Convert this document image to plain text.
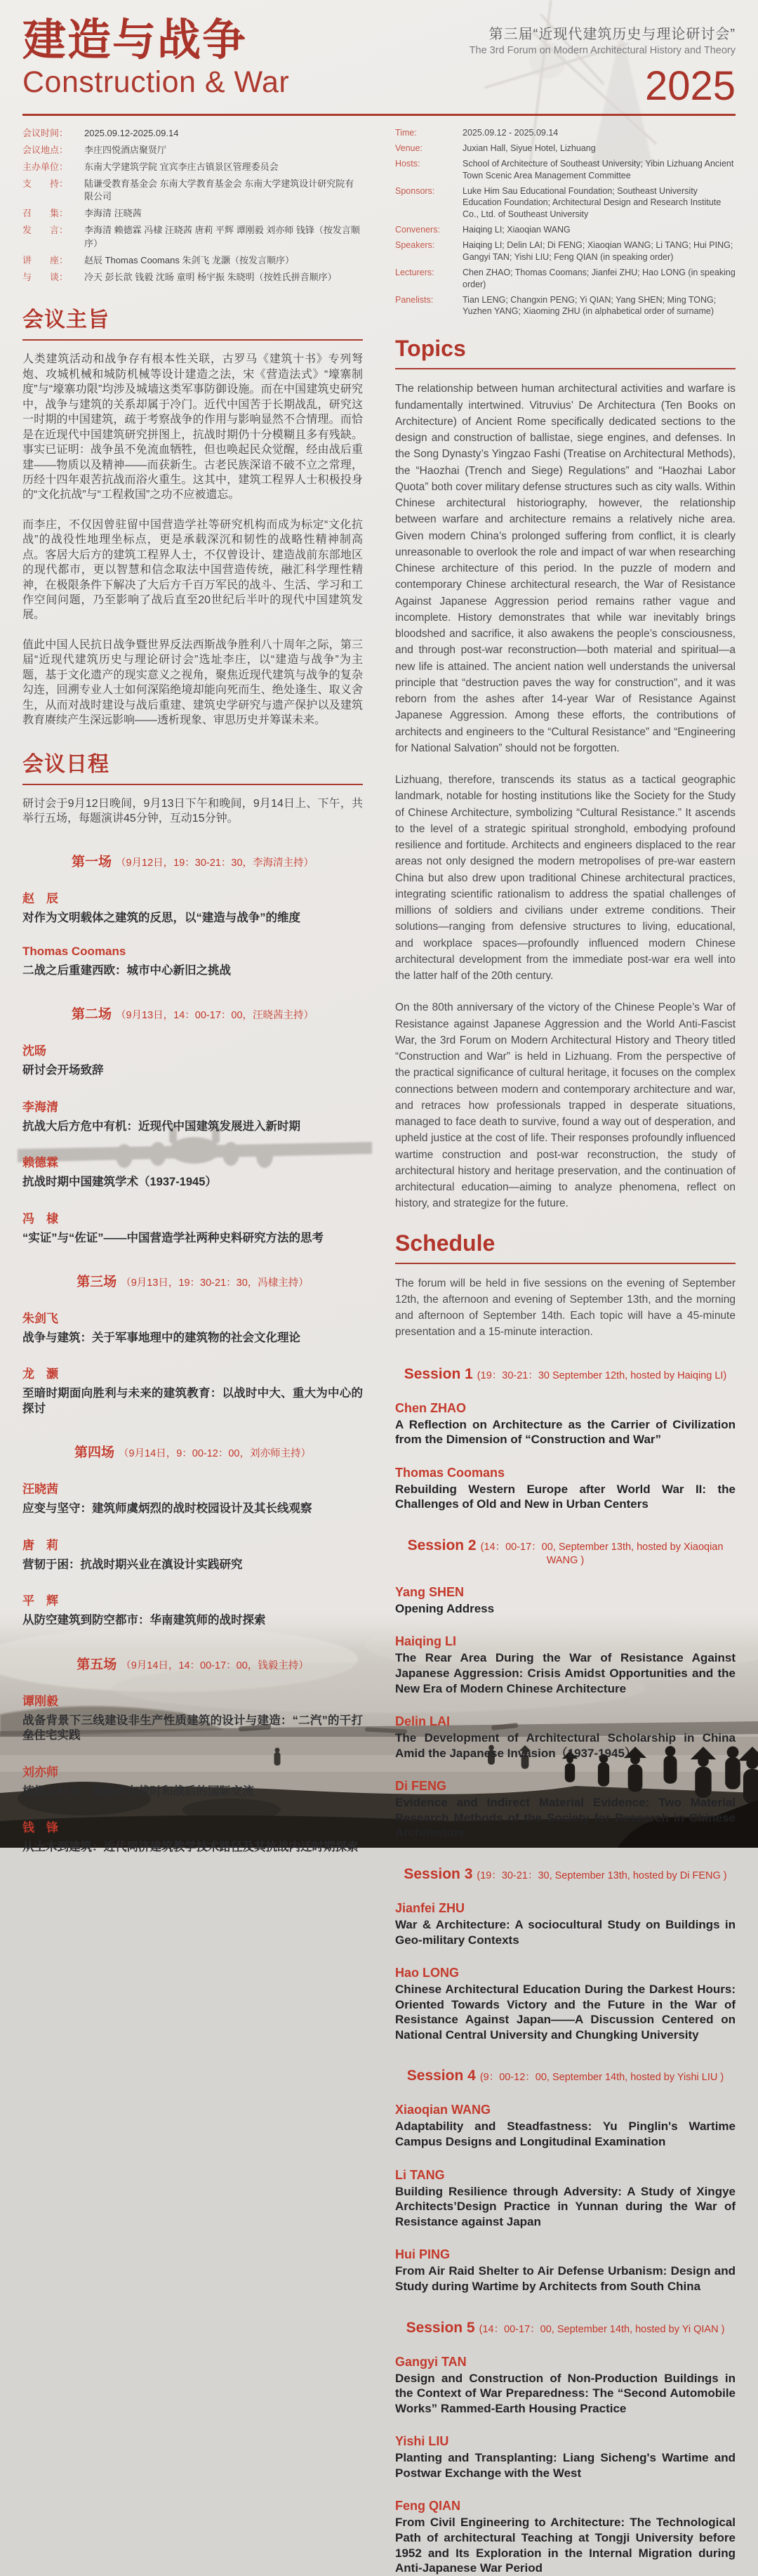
建造与战争
Construction & War
第三届“近现代建筑历史与理论研讨会”
The 3rd Forum on Modern Architectural History and Theory
2025
会议时间：	2025.09.12-2025.09.14
会议地点：	李庄四悦酒店聚贤厅
主办单位：	东南大学建筑学院 宜宾李庄古镇景区管理委员会
支　　持：	陆谦受教育基金会 东南大学教育基金会 东南大学建筑设计研究院有限公司
召　　集：	李海清 汪晓茜
发　　言：	李海清 赖德霖 冯棣 汪晓茜 唐莉 平辉 谭刚毅 刘亦师 钱锋（按发言顺序）
讲　　座：	赵辰 Thomas Coomans 朱剑飞 龙灏（按发言顺序）
与　　谈：	冷天 彭长歆 钱毅 沈旸 童明 杨宇振 朱晓明（按姓氏拼音顺序）
会议主旨

人类建筑活动和战争存有根本性关联，古罗马《建筑十书》专列弩炮、攻城机械和城防机械等设计建造之法，宋《营造法式》“壕寨制度”与“壕寨功限”均涉及城墙这类军事防御设施。而在中国建筑史研究中，战争与建筑的关系却属于冷门。近代中国苦于长期战乱，研究这一时期的中国建筑，疏于考察战争的作用与影响显然不合情理。而恰是在近现代中国建筑研究拼图上，抗战时期仍十分模糊且多有残缺。事实已证明：战争虽不免流血牺牲，但也唤起民众觉醒，经由战后重建——物质以及精神——而获新生。古老民族深谙不破不立之常理，历经十四年艰苦抗战而浴火重生。这其中，建筑工程界人士积极投身的“文化抗战”与“工程救国”之功不应被遗忘。

而李庄，不仅因曾驻留中国营造学社等研究机构而成为标定“文化抗战”的战役性地理坐标点，更是承载深沉和韧性的战略性精神制高点。客居大后方的建筑工程界人士，不仅曾设计、建造战前东部地区的现代都市，更以智慧和信念取法中国营造传统，融汇科学理性精神，在极限条件下解决了大后方千百万军民的战斗、生活、学习和工作空间问题，乃至影响了战后直至20世纪后半叶的现代中国建筑发展。

值此中国人民抗日战争暨世界反法西斯战争胜利八十周年之际，第三届“近现代建筑历史与理论研讨会”选址李庄，以“建造与战争”为主题，基于文化遗产的现实意义之视角，聚焦近现代建筑与战争的复杂勾连，回溯专业人士如何深陷绝境却能向死而生、绝处逢生、取义舍生，从而对战时建设与战后重建、建筑史学研究与遗产保护以及建筑教育赓续产生深远影响——透析现象、审思历史并筹谋未来。

会议日程

研讨会于9月12日晚间，9月13日下午和晚间，9月14日上、下午，共举行五场，每题演讲45分钟，互动15分钟。

第一场 （9月12日，19：30-21：30，李海清主持）
赵　辰
对作为文明载体之建筑的反思，以“建造与战争”的维度
Thomas Coomans
二战之后重建西欧：城市中心新旧之挑战
第二场 （9月13日，14：00-17：00，汪晓茜主持）
沈旸
研讨会开场致辞
李海清
抗战大后方危中有机：近现代中国建筑发展进入新时期
赖德霖
抗战时期中国建筑学术（1937-1945）
冯　棣
“实证”与“佐证”——中国营造学社两种史料研究方法的思考
第三场 （9月13日，19：30-21：30，冯棣主持）
朱剑飞
战争与建筑：关于军事地理中的建筑物的社会文化理论
龙　灏
至暗时期面向胜利与未来的建筑教育：以战时中大、重大为中心的探讨
第四场 （9月14日，9：00-12：00，刘亦师主持）
汪晓茜
应变与坚守：建筑师虞炳烈的战时校园设计及其长线观察
唐　莉
营韧于困：抗战时期兴业在滇设计实践研究
平　辉
从防空建筑到防空都市：华南建筑师的战时探索
第五场 （9月14日，14：00-17：00，钱毅主持）
谭刚毅
战备背景下三线建设非生产性质建筑的设计与建造：“二汽”的干打垒住宅实践
刘亦师
植根与转向：梁思成在战时和战后的国际交流
钱　锋
从土木到建筑：近代同济建筑教学技术路径及其抗战内迁时期探索
Time:	2025.09.12 - 2025.09.14
Venue:	Juxian Hall, Siyue Hotel, Lizhuang
Hosts:	School of Architecture of Southeast University; Yibin Lizhuang Ancient Town Scenic Area Management Committee
Sponsors:	Luke Him Sau Educational Foundation; Southeast University Education Foundation; Architectural Design and Research Institute Co., Ltd. of Southeast University
Conveners:	Haiqing LI; Xiaoqian WANG
Speakers:	Haiqing LI; Delin LAI; Di FENG; Xiaoqian WANG; Li TANG; Hui PING; Gangyi TAN; Yishi LIU; Feng QIAN (in speaking order)
Lecturers:	Chen ZHAO; Thomas Coomans; Jianfei ZHU; Hao LONG (in speaking order)
Panelists:	Tian LENG; Changxin PENG; Yi QIAN; Yang SHEN; Ming TONG; Yuzhen YANG; Xiaoming ZHU (in alphabetical order of surname)
Topics

The relationship between human architectural activities and warfare is fundamentally intertwined. Vitruvius’ De Architectura (Ten Books on Architecture) of Ancient Rome specifically dedicated sections to the design and construction of ballistae, siege engines, and defenses. In the Song Dynasty’s Yingzao Fashi (Treatise on Architectural Methods), the “Haozhai (Trench and Siege) Regulations” and “Haozhai Labor Quota” both cover military defense structures such as city walls. Within Chinese architectural historiography, however, the relationship between warfare and architecture remains a relatively niche area. Given modern China’s prolonged suffering from conflict, it is clearly unreasonable to overlook the role and impact of war when researching Chinese architecture of this period. In the puzzle of modern and contemporary Chinese architectural research, the War of Resistance Against Japanese Aggression period remains rather vague and incomplete. History demonstrates that while war inevitably brings bloodshed and sacrifice, it also awakens the people’s consciousness, and through post-war reconstruction—both material and spiritual—a new life is attained. The ancient nation well understands the universal principle that “destruction paves the way for construction”, and it was reborn from the ashes after 14-year War of Resistance Against Japanese Aggression. Among these efforts, the contributions of architects and engineers to the “Cultural Resistance” and “Engineering for National Salvation” should not be forgotten.

Lizhuang, therefore, transcends its status as a tactical geographic landmark, notable for hosting institutions like the Society for the Study of Chinese Architecture, symbolizing “Cultural Resistance.” It ascends to the level of a strategic spiritual stronghold, embodying profound resilience and fortitude. Architects and engineers displaced to the rear areas not only designed the modern metropolises of pre-war eastern China but also drew upon traditional Chinese architectural practices, integrating scientific rationalism to address the spatial challenges of millions of soldiers and civilians under extreme conditions. Their solutions—ranging from defensive structures to living, educational, and workplace spaces—profoundly influenced modern Chinese architectural development from the immediate post-war era well into the latter half of the 20th century.

On the 80th anniversary of the victory of the Chinese People’s War of Resistance against Japanese Aggression and the World Anti-Fascist War, the 3rd Forum on Modern Architectural History and Theory titled “Construction and War” is held in Lizhuang. From the perspective of the practical significance of cultural heritage, it focuses on the complex connections between modern and contemporary architecture and war, and retraces how professionals trapped in desperate situations, managed to face death to survive, found a way out of desperation, and upheld justice at the cost of life. Their responses profoundly influenced wartime construction and post-war reconstruction, the study of architectural history and heritage preservation, and the continuation of architectural education—aiming to analyze phenomena, reflect on history, and strategize for the future.

Schedule

The forum will be held in five sessions on the evening of September 12th, the afternoon and evening of September 13th, and the morning and afternoon of September 14th. Each topic will have a 45-minute presentation and a 15-minute interaction.

Session 1 (19：30-21：30 September 12th, hosted by Haiqing LI)
Chen ZHAO
A Reflection on Architecture as the Carrier of Civilization from the Dimension of “Construction and War”
Thomas Coomans
Rebuilding Western Europe after World War II: the Challenges of Old and New in Urban Centers
Session 2 (14：00-17：00, September 13th, hosted by Xiaoqian WANG )
Yang SHEN
Opening Address
Haiqing LI
The Rear Area During the War of Resistance Against Japanese Aggression: Crisis Amidst Opportunities and the New Era of Modern Chinese Architecture
Delin LAI
The Development of Architectural Scholarship in China Amid the Japanese Invasion（1937-1945）
Di FENG
Evidence and Indirect Material Evidence: Two Material Research Methods of the Society for Research in Chinese Architecture
Session 3 (19：30-21：30, September 13th, hosted by Di FENG )
Jianfei ZHU
War & Architecture: A sociocultural Study on Buildings in Geo-military Contexts
Hao LONG
Chinese Architectural Education During the Darkest Hours: Oriented Towards Victory and the Future in the War of Resistance Against Japan——A Discussion Centered on National Central University and Chungking University
Session 4 (9：00-12：00, September 14th, hosted by Yishi LIU )
Xiaoqian WANG
Adaptability and Steadfastness: Yu Pinglin's Wartime Campus Designs and Longitudinal Examination
Li TANG
Building Resilience through Adversity: A Study of Xingye Architects’Design Practice in Yunnan during the War of Resistance against Japan
Hui PING
From Air Raid Shelter to Air Defense Urbanism: Design and Study during Wartime by Architects from South China
Session 5 (14：00-17：00, September 14th, hosted by Yi QIAN )
Gangyi TAN
Design and Construction of Non-Production Buildings in the Context of War Preparedness: The “Second Automobile Works” Rammed-Earth Housing Practice
Yishi LIU
Planting and Transplanting: Liang Sicheng's Wartime and Postwar Exchange with the West
Feng QIAN
From Civil Engineering to Architecture: The Technological Path of architectural Teaching at Tongji University before 1952 and Its Exploration in the Internal Migration during Anti-Japanese War Period
